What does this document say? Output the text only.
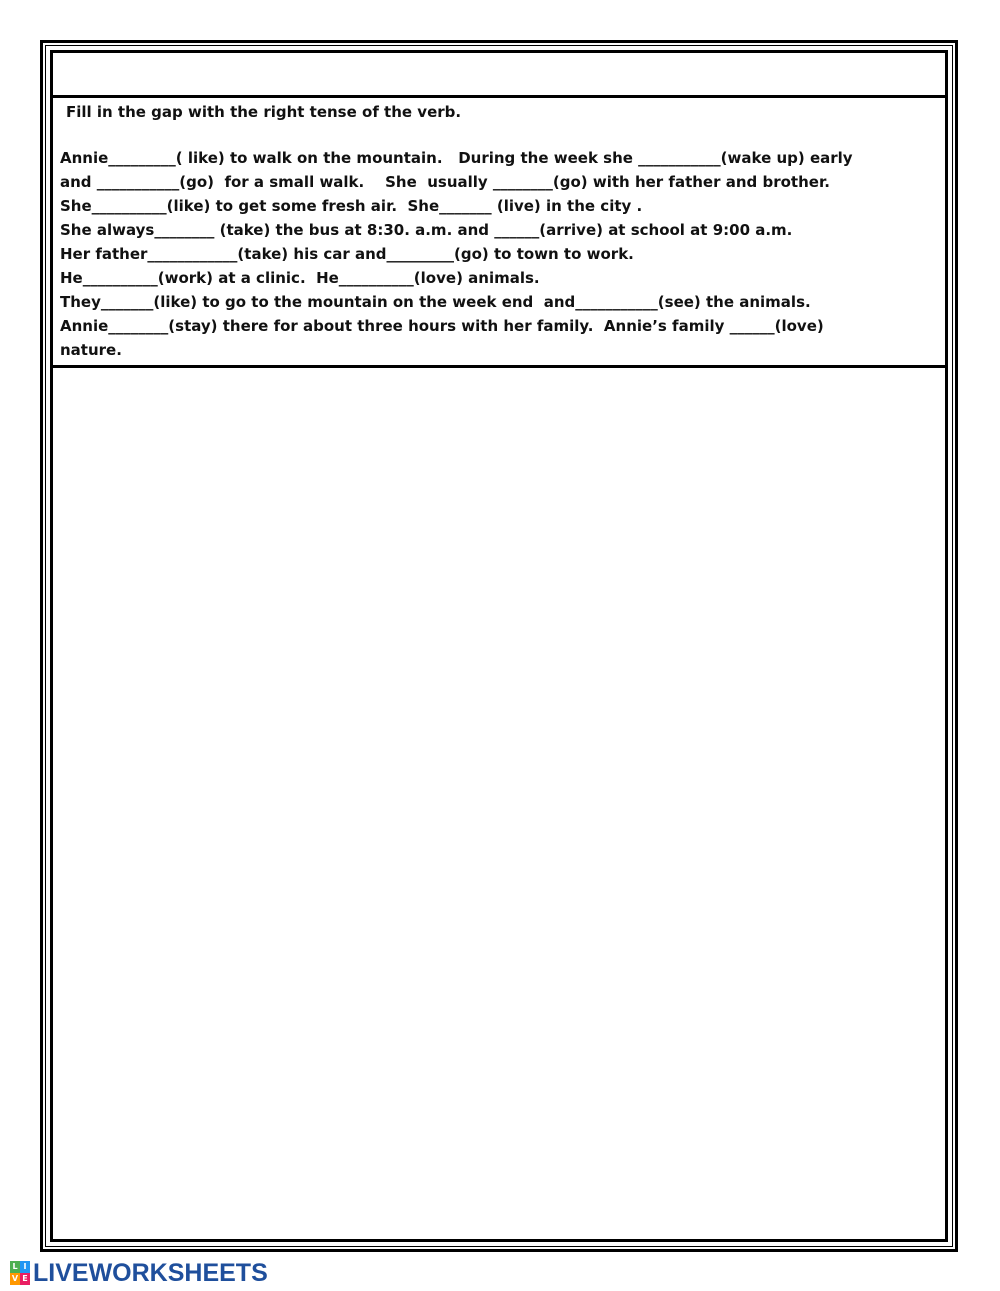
Fill in the gap with the right tense of the verb.

Annie_________( like) to walk on the mountain.   During the week she ___________(wake up) early

and ___________(go)  for a small walk.    She  usually ________(go) with her father and brother.

She__________(like) to get some fresh air.  She_______ (live) in the city .

She always________ (take) the bus at 8:30. a.m. and ______(arrive) at school at 9:00 a.m.

Her father____________(take) his car and_________(go) to town to work.

He__________(work) at a clinic.  He__________(love) animals.

They_______(like) to go to the mountain on the week end  and___________(see) the animals.

Annie________(stay) there for about three hours with her family.  Annie’s family ______(love)

nature.

L I
V E LIVEWORKSHEETS
